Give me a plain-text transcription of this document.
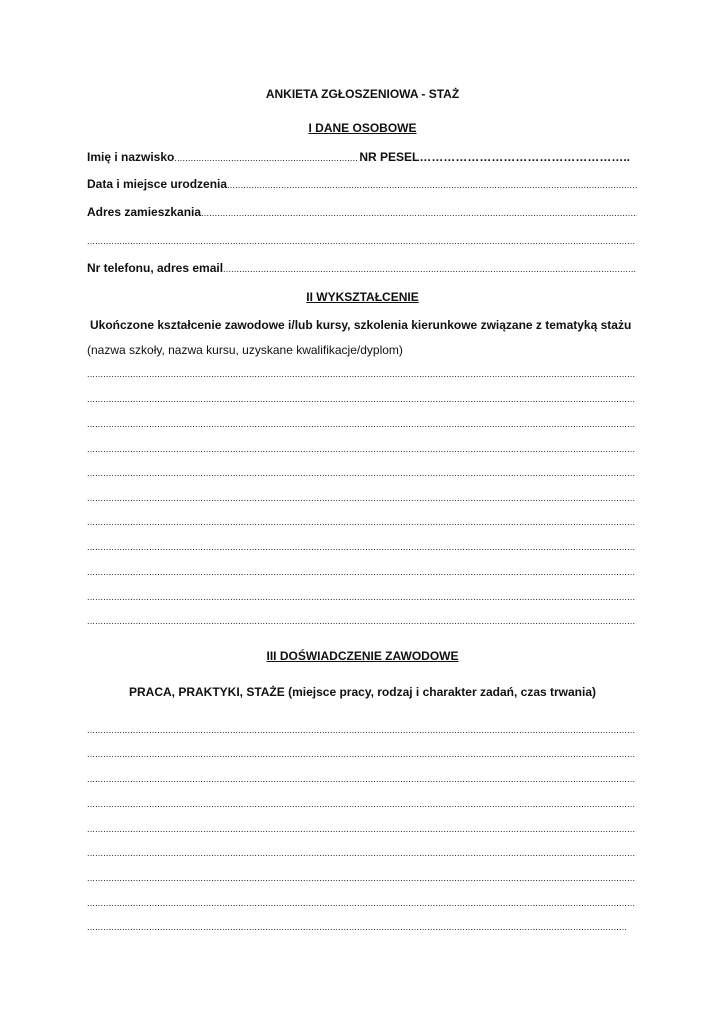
ANKIETA ZGŁOSZENIOWA - STAŻ
I DANE OSOBOWE
Imię i nazwisko
.....	NR PESEL ……………………………………………..
Data i miejsce urodzenia
.....
Adres zamieszkania
.....
.....
Nr telefonu, adres email
.....
II WYKSZTAŁCENIE
Ukończone kształcenie zawodowe i/lub kursy, szkolenia kierunkowe związane z tematyką stażu
(nazwa szkoły, nazwa kursu, uzyskane kwalifikacje/dyplom)
.....
.....
.....
.....
.....
.....
.....
.....
.....
.....
.....
III DOŚWIADCZENIE ZAWODOWE
PRACA, PRAKTYKI, STAŻE (miejsce pracy, rodzaj i charakter zadań, czas trwania)
.....
.....
.....
.....
.....
.....
.....
.....
.....
